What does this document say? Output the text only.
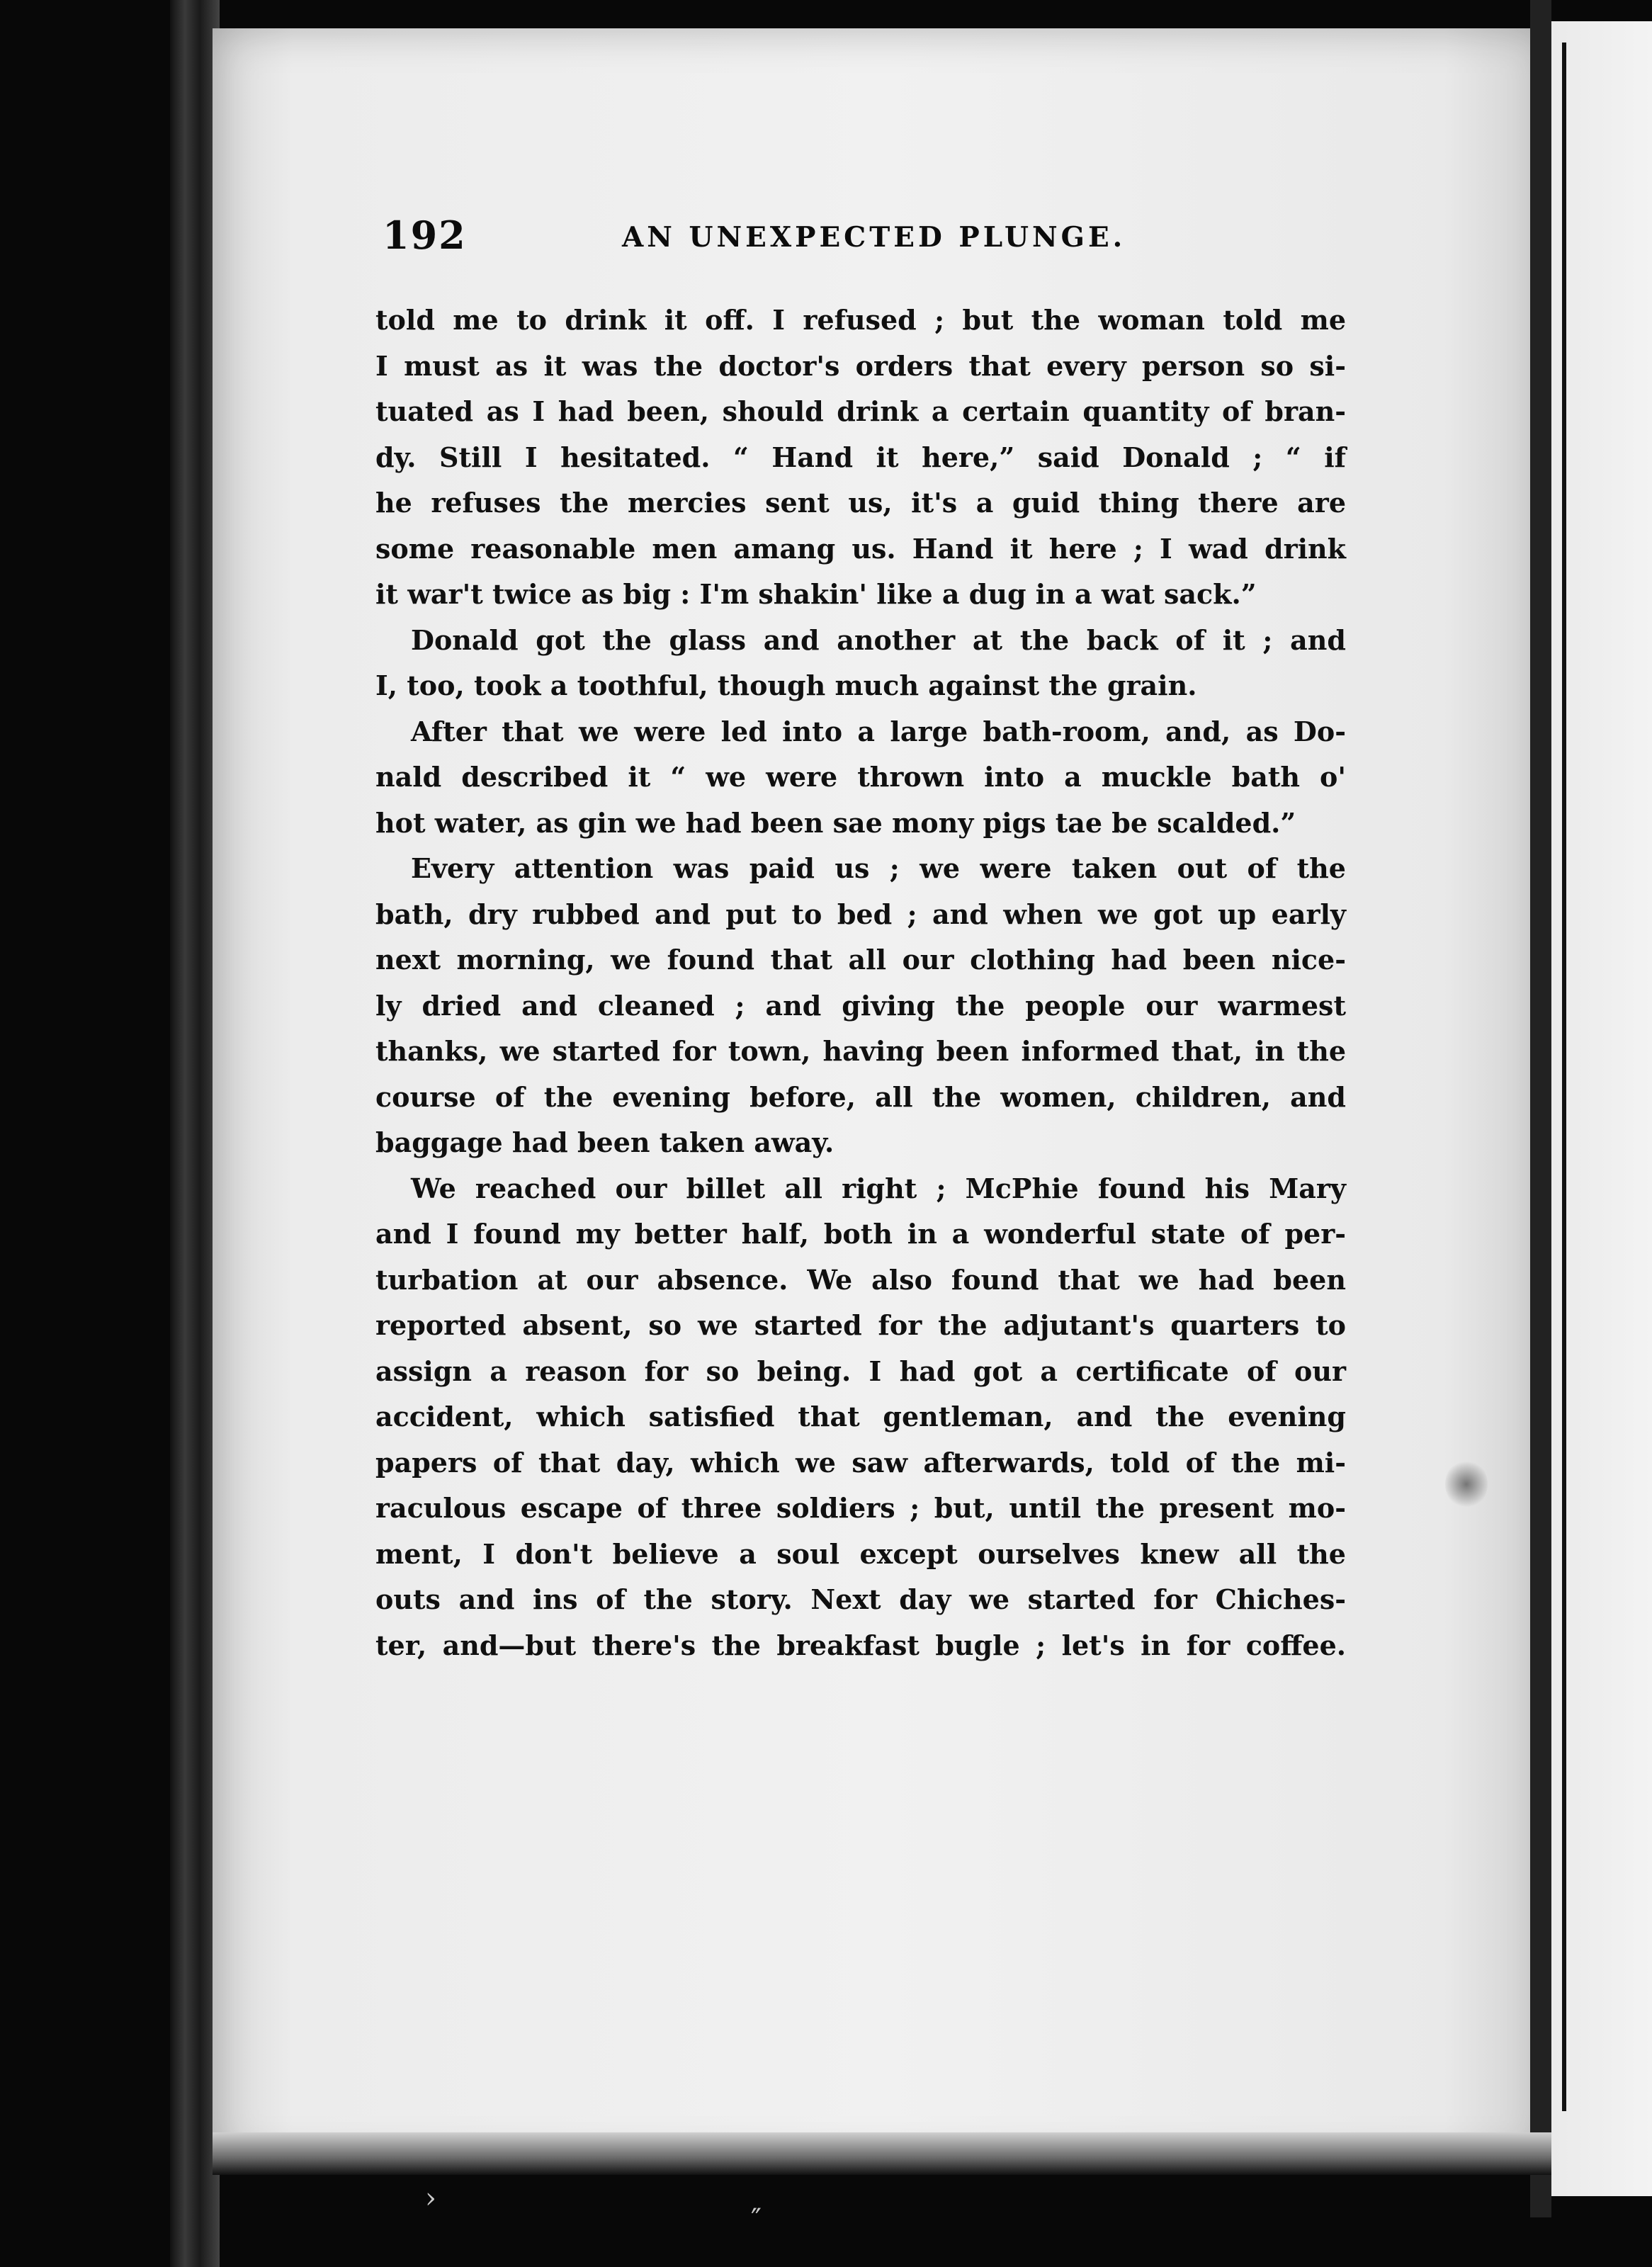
192	AN UNEXPECTED PLUNGE.
told me to drink it off. I refused ; but the woman told me
I must as it was the doctor's orders that every person so si-
tuated as I had been, should drink a certain quantity of bran-
dy. Still I hesitated. “ Hand it here,” said Donald ; “ if
he refuses the mercies sent us, it's a guid thing there are
some reasonable men amang us. Hand it here ; I wad drink
it war't twice as big : I'm shakin' like a dug in a wat sack.”
Donald got the glass and another at the back of it ; and
I, too, took a toothful, though much against the grain.
After that we were led into a large bath-room, and, as Do-
nald described it “ we were thrown into a muckle bath o'
hot water, as gin we had been sae mony pigs tae be scalded.”
Every attention was paid us ; we were taken out of the
bath, dry rubbed and put to bed ; and when we got up early
next morning, we found that all our clothing had been nice-
ly dried and cleaned ; and giving the people our warmest
thanks, we started for town, having been informed that, in the
course of the evening before, all the women, children, and
baggage had been taken away.
We reached our billet all right ; McPhie found his Mary
and I found my better half, both in a wonderful state of per-
turbation at our absence. We also found that we had been
reported absent, so we started for the adjutant's quarters to
assign a reason for so being. I had got a certificate of our
accident, which satisfied that gentleman, and the evening
papers of that day, which we saw afterwards, told of the mi-
raculous escape of three soldiers ; but, until the present mo-
ment, I don't believe a soul except ourselves knew all the
outs and ins of the story. Next day we started for Chiches-
ter, and—but there's the breakfast bugle ; let's in for coffee.
›
″
